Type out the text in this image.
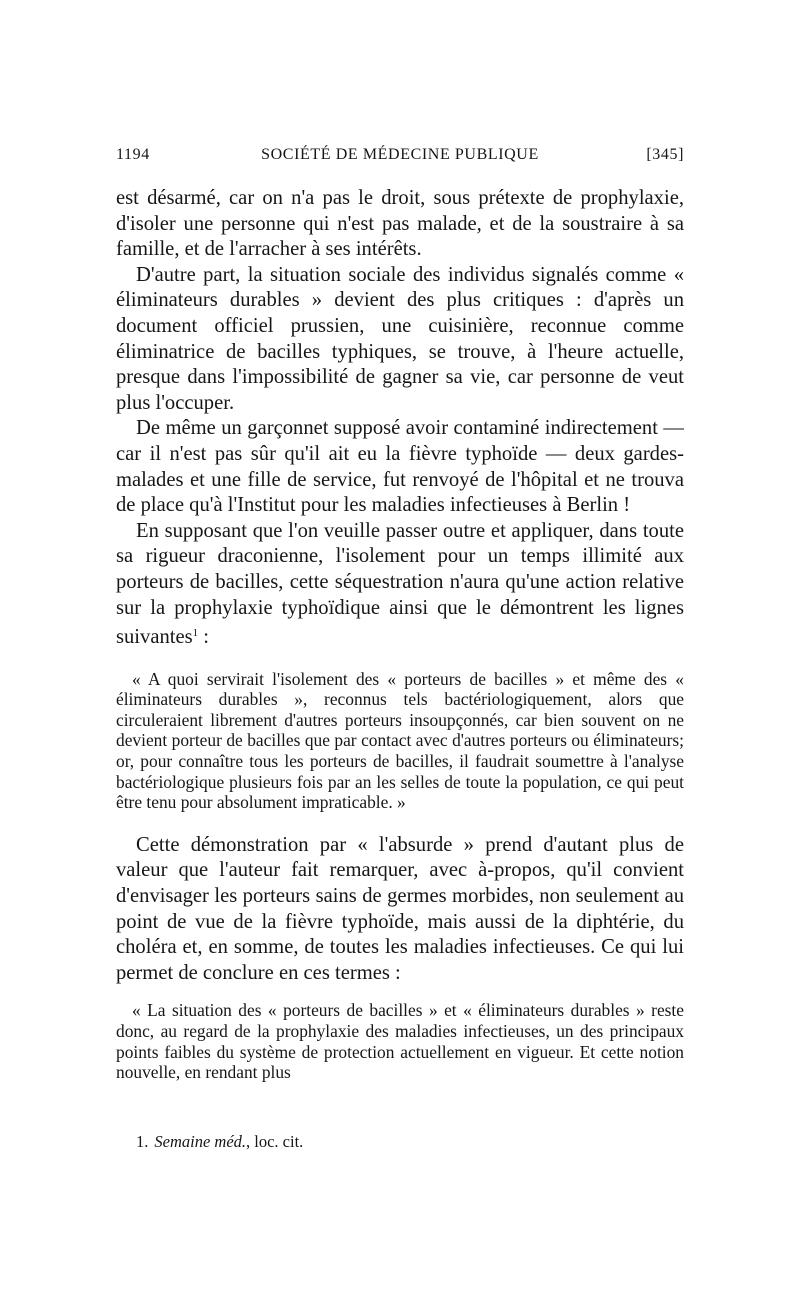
1194	SOCIÉTÉ DE MÉDECINE PUBLIQUE	[345]

est désarmé, car on n'a pas le droit, sous prétexte de prophylaxie, d'isoler une personne qui n'est pas malade, et de la soustraire à sa famille, et de l'arracher à ses intérêts.

D'autre part, la situation sociale des individus signalés comme « éliminateurs durables » devient des plus critiques : d'après un document officiel prussien, une cuisinière, reconnue comme éliminatrice de bacilles typhiques, se trouve, à l'heure actuelle, presque dans l'impossibilité de gagner sa vie, car personne de veut plus l'occuper.

De même un garçonnet supposé avoir contaminé indirectement — car il n'est pas sûr qu'il ait eu la fièvre typhoïde — deux gardes-malades et une fille de service, fut renvoyé de l'hôpital et ne trouva de place qu'à l'Institut pour les maladies infectieuses à Berlin !

En supposant que l'on veuille passer outre et appliquer, dans toute sa rigueur draconienne, l'isolement pour un temps illimité aux porteurs de bacilles, cette séquestration n'aura qu'une action relative sur la prophylaxie typhoïdique ainsi que le démontrent les lignes suivantes$^1$ :

« A quoi servirait l'isolement des « porteurs de bacilles » et même des « éliminateurs durables », reconnus tels bactériologiquement, alors que circuleraient librement d'autres porteurs insoupçonnés, car bien souvent on ne devient porteur de bacilles que par contact avec d'autres porteurs ou éliminateurs; or, pour connaître tous les porteurs de bacilles, il faudrait soumettre à l'analyse bactériologique plusieurs fois par an les selles de toute la population, ce qui peut être tenu pour absolument impraticable. »

Cette démonstration par « l'absurde » prend d'autant plus de valeur que l'auteur fait remarquer, avec à-propos, qu'il convient d'envisager les porteurs sains de germes morbides, non seulement au point de vue de la fièvre typhoïde, mais aussi de la diphtérie, du choléra et, en somme, de toutes les maladies infectieuses. Ce qui lui permet de conclure en ces termes :

« La situation des « porteurs de bacilles » et « éliminateurs durables » reste donc, au regard de la prophylaxie des maladies infectieuses, un des principaux points faibles du système de protection actuellement en vigueur. Et cette notion nouvelle, en rendant plus

1. Semaine méd., loc. cit.
